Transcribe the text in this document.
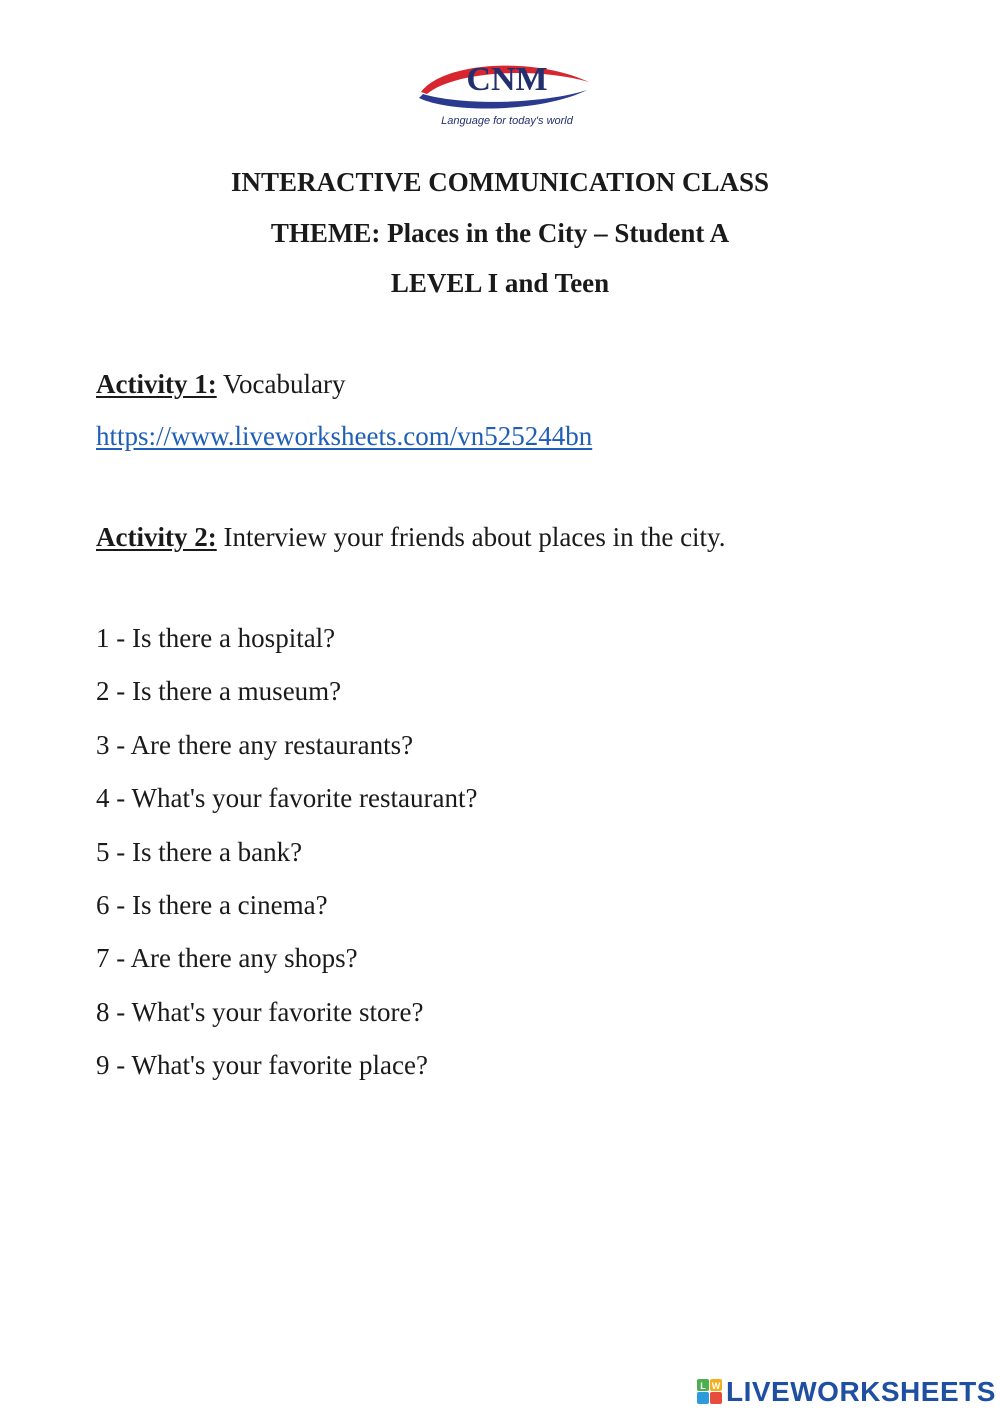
CNM
Language for today's world

INTERACTIVE COMMUNICATION CLASS

THEME: Places in the City – Student A

LEVEL I and Teen

Activity 1: Vocabulary

https://www.liveworksheets.com/vn525244bn

Activity 2: Interview your friends about places in the city.

1 - Is there a hospital?
2 - Is there a museum?
3 - Are there any restaurants?
4 - What's your favorite restaurant?
5 - Is there a bank?
6 - Is there a cinema?
7 - Are there any shops?
8 - What's your favorite store?
9 - What's your favorite place?
L W LIVEWORKSHEETS
